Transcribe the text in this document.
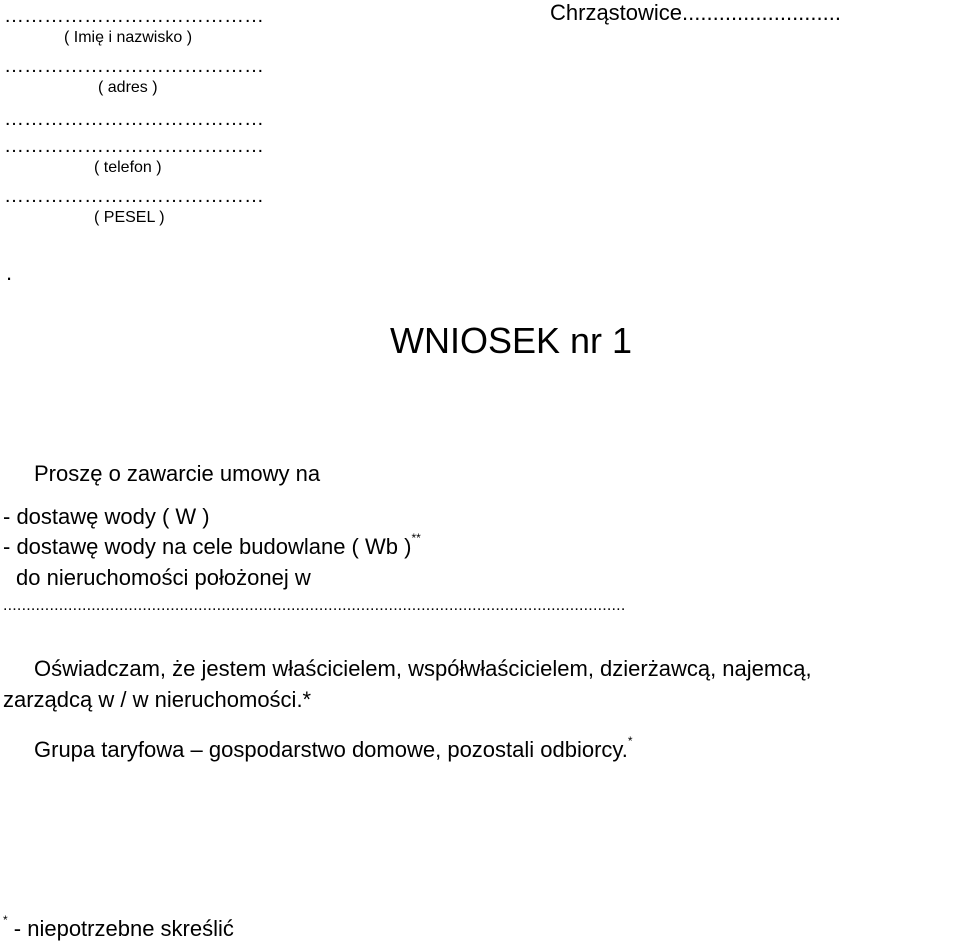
…………………………………
( Imię i nazwisko )
…………………………………
( adres )
…………………………………
…………………………………
( telefon )
…………………………………
( PESEL )
Chrząstowice..........................
.
WNIOSEK nr 1
Proszę o zawarcie umowy na
- dostawę wody ( W )
- dostawę wody na cele budowlane ( Wb )**
do nieruchomości położonej w
......................................................................................................................................
Oświadczam, że jestem właścicielem, współwłaścicielem, dzierżawcą, najemcą,
zarządcą w / w nieruchomości.*
Grupa taryfowa – gospodarstwo domowe, pozostali odbiorcy.*
* - niepotrzebne skreślić
